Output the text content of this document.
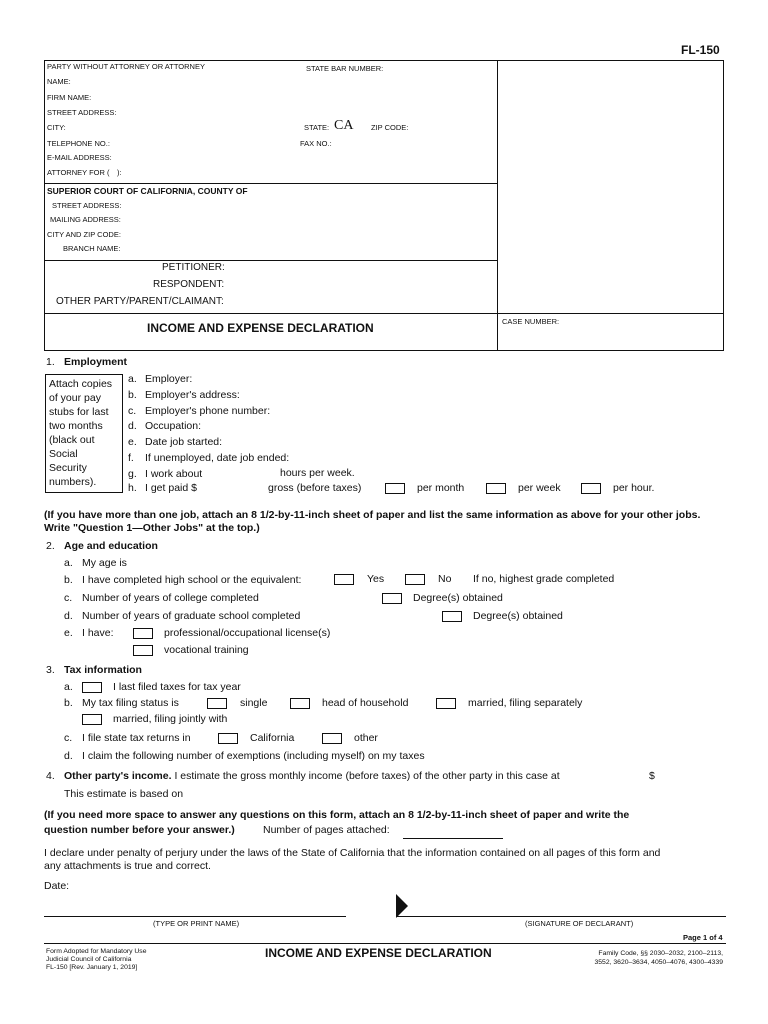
FL-150
PARTY WITHOUT ATTORNEY OR ATTORNEY	STATE BAR NUMBER:
NAME:
FIRM NAME:
STREET ADDRESS:
CITY:	STATE: CA ZIP CODE:
TELEPHONE NO.:	FAX NO.:
E-MAIL ADDRESS:
ATTORNEY FOR ( ):
SUPERIOR COURT OF CALIFORNIA, COUNTY OF
STREET ADDRESS:
MAILING ADDRESS:
CITY AND ZIP CODE:
BRANCH NAME:
PETITIONER:
RESPONDENT:
OTHER PARTY/PARENT/CLAIMANT:
INCOME AND EXPENSE DECLARATION	CASE NUMBER:
1. Employment
Attach copies
of your pay
stubs for last
two months
(black out
Social
Security
numbers).
a. Employer:
b. Employer's address:
c. Employer's phone number:
d. Occupation:
e. Date job started:
f. If unemployed, date job ended:
g. I work about	hours per week.
h. I get paid $	gross (before taxes)	per month	per week	per hour.
(If you have more than one job, attach an 8 1/2-by-11-inch sheet of paper and list the same information as above for your other jobs. Write "Question 1—Other Jobs" at the top.)
2. Age and education
a. My age is
b. I have completed high school or the equivalent:	Yes	No If no, highest grade completed
c. Number of years of college completed	Degree(s) obtained
d. Number of years of graduate school completed	Degree(s) obtained
e. I have:	professional/occupational license(s)
vocational training
3. Tax information
a.	I last filed taxes for tax year
b. My tax filing status is	single	head of household	married, filing separately
married, filing jointly with
c. I file state tax returns in	California	other
d. I claim the following number of exemptions (including myself) on my taxes
4. Other party's income. I estimate the gross monthly income (before taxes) of the other party in this case at	$
This estimate is based on
(If you need more space to answer any questions on this form, attach an 8 1/2-by-11-inch sheet of paper and write the
question number before your answer.)	Number of pages attached:
I declare under penalty of perjury under the laws of the State of California that the information contained on all pages of this form and
any attachments is true and correct.
Date:
(TYPE OR PRINT NAME)	(SIGNATURE OF DECLARANT)
Page 1 of 4
Form Adopted for Mandatory Use
Judicial Council of California
FL-150 [Rev. January 1, 2019]
INCOME AND EXPENSE DECLARATION	Family Code, §§ 2030–2032, 2100–2113,
3552, 3620–3634, 4050–4076, 4300–4339
